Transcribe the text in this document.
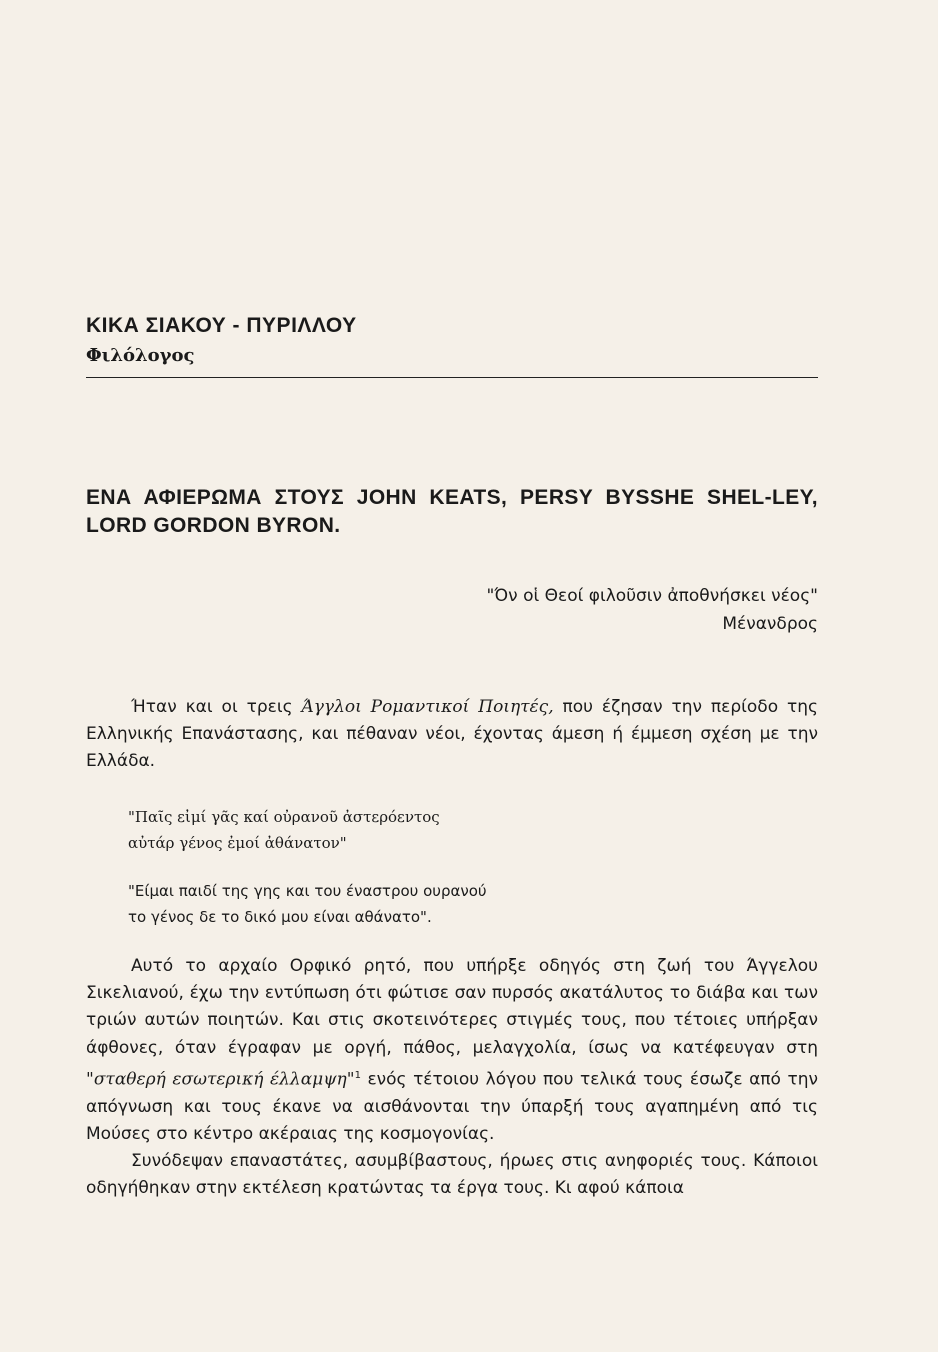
ΚΙΚΑ ΣΙΑΚΟΥ - ΠΥΡΙΛΛΟΥ
Φιλόλογος
ΕΝΑ ΑΦΙΕΡΩΜΑ ΣΤΟΥΣ JOHN KEATS, PERSY BYSSHE SHEL-LEY, LORD GORDON BYRON.
"Όν οἱ Θεοί φιλοῦσιν ἀποθνήσκει νέος"
Μένανδρος
Ήταν και οι τρεις Άγγλοι Ρομαντικοί Ποιητές, που έζησαν την περίοδο της Ελληνικής Επανάστασης, και πέθαναν νέοι, έχοντας άμεση ή έμμεση σχέση με την Ελλάδα.
"Παῖς εἰμί γᾶς καί οὐρανοῦ ἀστερόεντος
αὐτάρ γένος ἐμοί ἀθάνατον"
"Είμαι παιδί της γης και του έναστρου ουρανού
το γένος δε το δικό μου είναι αθάνατο".

Αυτό το αρχαίο Ορφικό ρητό, που υπήρξε οδηγός στη ζωή του Άγγελου Σικελιανού, έχω την εντύπωση ότι φώτισε σαν πυρσός ακατάλυτος το διάβα και των τριών αυτών ποιητών. Και στις σκοτεινότερες στιγμές τους, που τέτοιες υπήρξαν άφθονες, όταν έγραφαν με οργή, πάθος, μελαγχολία, ίσως να κατέφευγαν στη "σταθερή εσωτερική έλλαμψη"$^1$ ενός τέτοιου λόγου που τελικά τους έσωζε από την απόγνωση και τους έκανε να αισθάνονται την ύπαρξή τους αγαπημένη από τις Μούσες στο κέντρο ακέραιας της κοσμογονίας.

Συνόδεψαν επαναστάτες, ασυμβίβαστους, ήρωες στις ανηφοριές τους. Κάποιοι οδηγήθηκαν στην εκτέλεση κρατώντας τα έργα τους. Κι αφού κάποια
